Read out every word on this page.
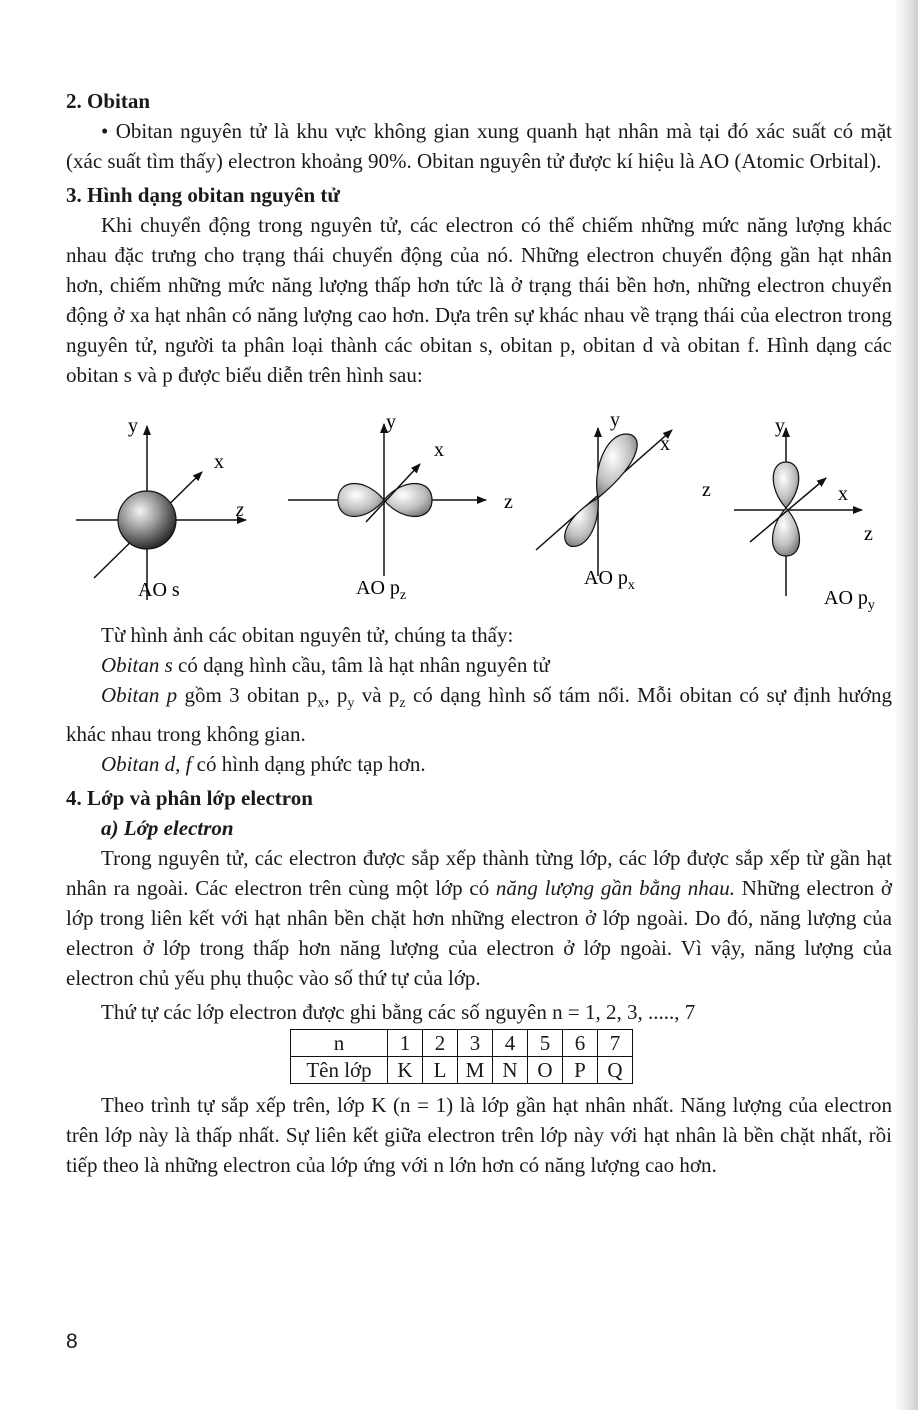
2. Obitan

• Obitan nguyên tử là khu vực không gian xung quanh hạt nhân mà tại đó xác suất có mặt (xác suất tìm thấy) electron khoảng 90%. Obitan nguyên tử được kí hiệu là AO (Atomic Orbital).

3. Hình dạng obitan nguyên tử

Khi chuyển động trong nguyên tử, các electron có thể chiếm những mức năng lượng khác nhau đặc trưng cho trạng thái chuyển động của nó. Những electron chuyển động gần hạt nhân hơn, chiếm những mức năng lượng thấp hơn tức là ở trạng thái bền hơn, những electron chuyển động ở xa hạt nhân có năng lượng cao hơn. Dựa trên sự khác nhau về trạng thái của electron trong nguyên tử, người ta phân loại thành các obitan s, obitan p, obitan d và obitan f. Hình dạng các obitan s và p được biểu diễn trên hình sau:

y
x
z
AO s
y
x
z
AO $p_z$
y
x
AO $p_x$
z
y
x
z
AO $p_y$

Từ hình ảnh các obitan nguyên tử, chúng ta thấy:

Obitan s có dạng hình cầu, tâm là hạt nhân nguyên tử

Obitan p gồm 3 obitan $p_x$, $p_y$ và $p_z$ có dạng hình số tám nổi. Mỗi obitan có sự định hướng khác nhau trong không gian.

Obitan d, f có hình dạng phức tạp hơn.

4. Lớp và phân lớp electron
a) Lớp electron

Trong nguyên tử, các electron được sắp xếp thành từng lớp, các lớp được sắp xếp từ gần hạt nhân ra ngoài. Các electron trên cùng một lớp có năng lượng gần bằng nhau. Những electron ở lớp trong liên kết với hạt nhân bền chặt hơn những electron ở lớp ngoài. Do đó, năng lượng của electron ở lớp trong thấp hơn năng lượng của electron ở lớp ngoài. Vì vậy, năng lượng của electron chủ yếu phụ thuộc vào số thứ tự của lớp.

Thứ tự các lớp electron được ghi bằng các số nguyên n = 1, 2, 3, ....., 7

n	1	2	3	4	5	6	7
Tên lớp	K	L	M	N	O	P	Q

Theo trình tự sắp xếp trên, lớp K (n = 1) là lớp gần hạt nhân nhất. Năng lượng của electron trên lớp này là thấp nhất. Sự liên kết giữa electron trên lớp này với hạt nhân là bền chặt nhất, rồi tiếp theo là những electron của lớp ứng với n lớn hơn có năng lượng cao hơn.

8
